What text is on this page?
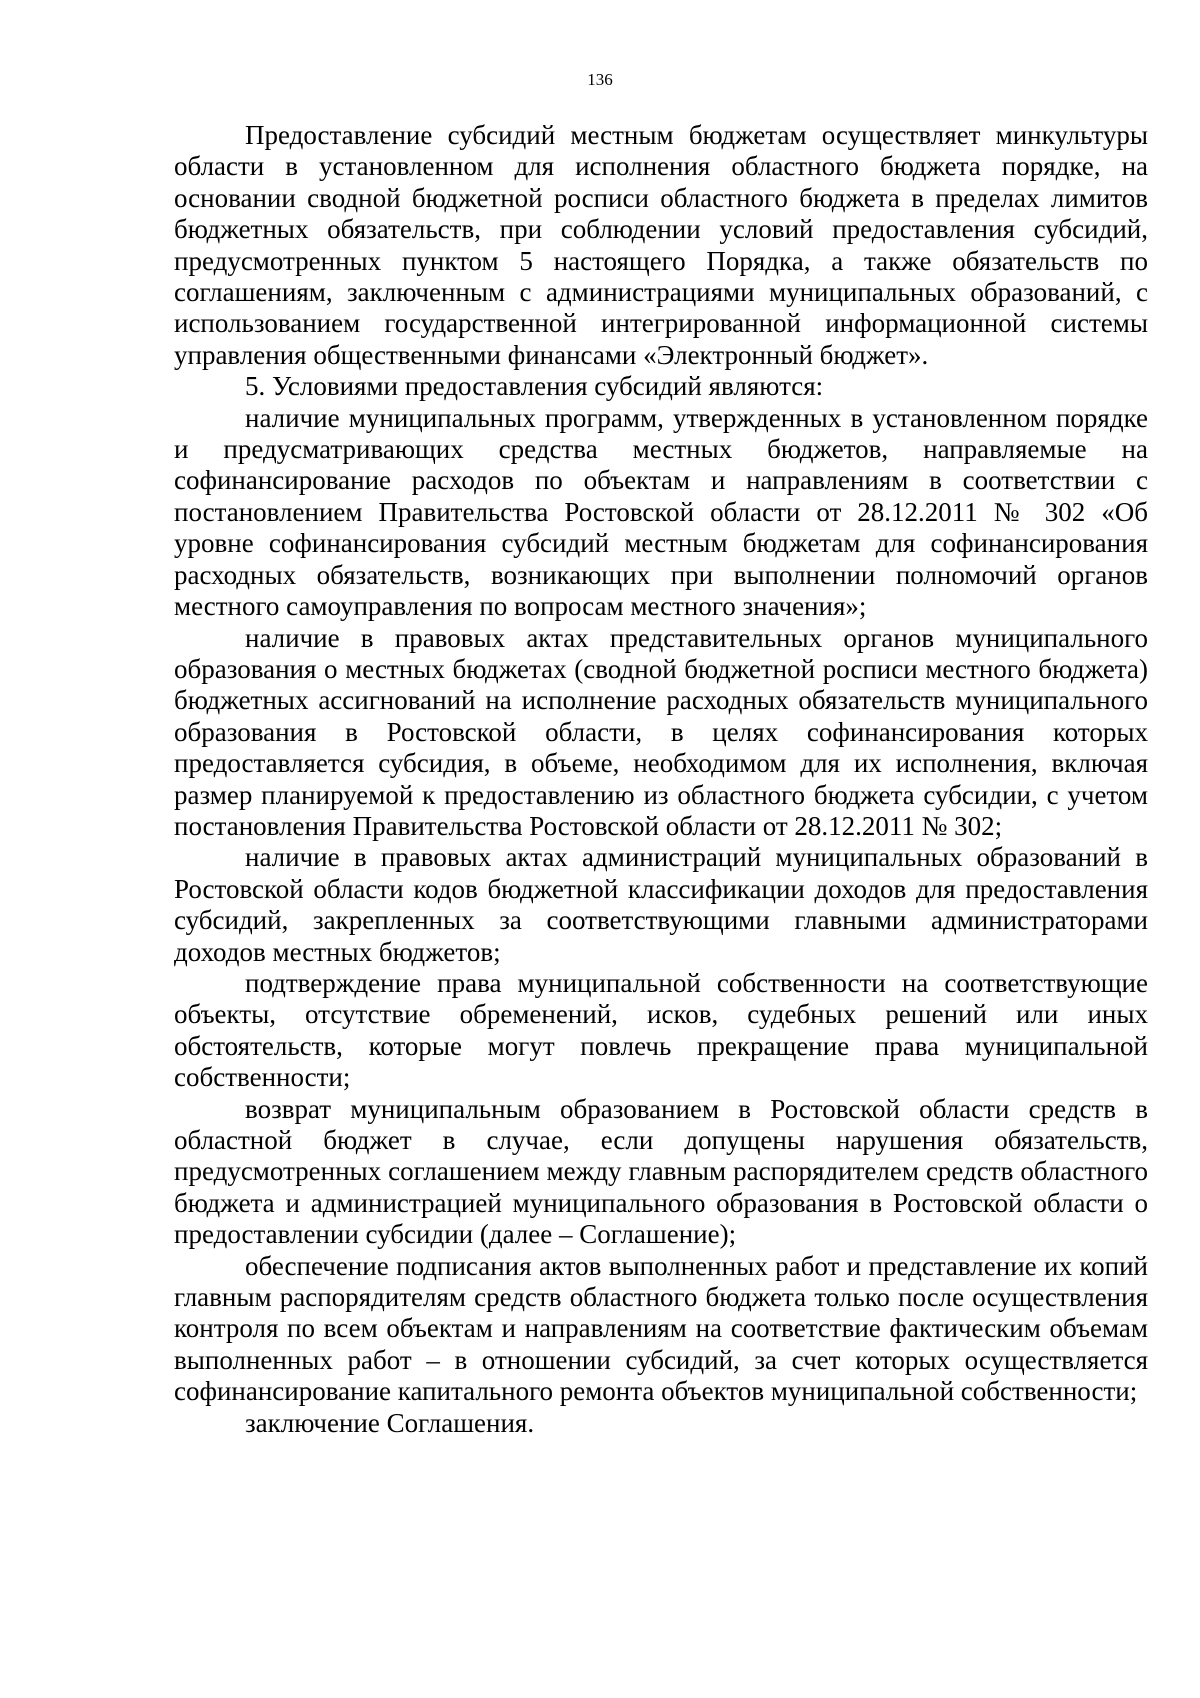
136

Предоставление субсидий местным бюджетам осуществляет минкультуры области в установленном для исполнения областного бюджета порядке, на основании сводной бюджетной росписи областного бюджета в пределах лимитов бюджетных обязательств, при соблюдении условий предоставления субсидий, предусмотренных пунктом 5 настоящего Порядка, а также обязательств по соглашениям, заключенным с администрациями муниципальных образований, с использованием государственной интегрированной информационной системы управления общественными финансами «Электронный бюджет».

5. Условиями предоставления субсидий являются:

наличие муниципальных программ, утвержденных в установленном порядке и предусматривающих средства местных бюджетов, направляемые на софинансирование расходов по объектам и направлениям в соответствии с постановлением Правительства Ростовской области от 28.12.2011 № 302 «Об уровне софинансирования субсидий местным бюджетам для софинансирования расходных обязательств, возникающих при выполнении полномочий органов местного самоуправления по вопросам местного значения»;

наличие в правовых актах представительных органов муниципального образования о местных бюджетах (сводной бюджетной росписи местного бюджета) бюджетных ассигнований на исполнение расходных обязательств муниципального образования в Ростовской области, в целях софинансирования которых предоставляется субсидия, в объеме, необходимом для их исполнения, включая размер планируемой к предоставлению из областного бюджета субсидии, с учетом постановления Правительства Ростовской области от 28.12.2011 № 302;

наличие в правовых актах администраций муниципальных образований в Ростовской области кодов бюджетной классификации доходов для предоставления субсидий, закрепленных за соответствующими главными администраторами доходов местных бюджетов;

подтверждение права муниципальной собственности на соответствующие объекты, отсутствие обременений, исков, судебных решений или иных обстоятельств, которые могут повлечь прекращение права муниципальной собственности;

возврат муниципальным образованием в Ростовской области средств в областной бюджет в случае, если допущены нарушения обязательств, предусмотренных соглашением между главным распорядителем средств областного бюджета и администрацией муниципального образования в Ростовской области о предоставлении субсидии (далее – Соглашение);

обеспечение подписания актов выполненных работ и представление их копий главным распорядителям средств областного бюджета только после осуществления контроля по всем объектам и направлениям на соответствие фактическим объемам выполненных работ – в отношении субсидий, за счет которых осуществляется софинансирование капитального ремонта объектов муниципальной собственности;

заключение Соглашения.
